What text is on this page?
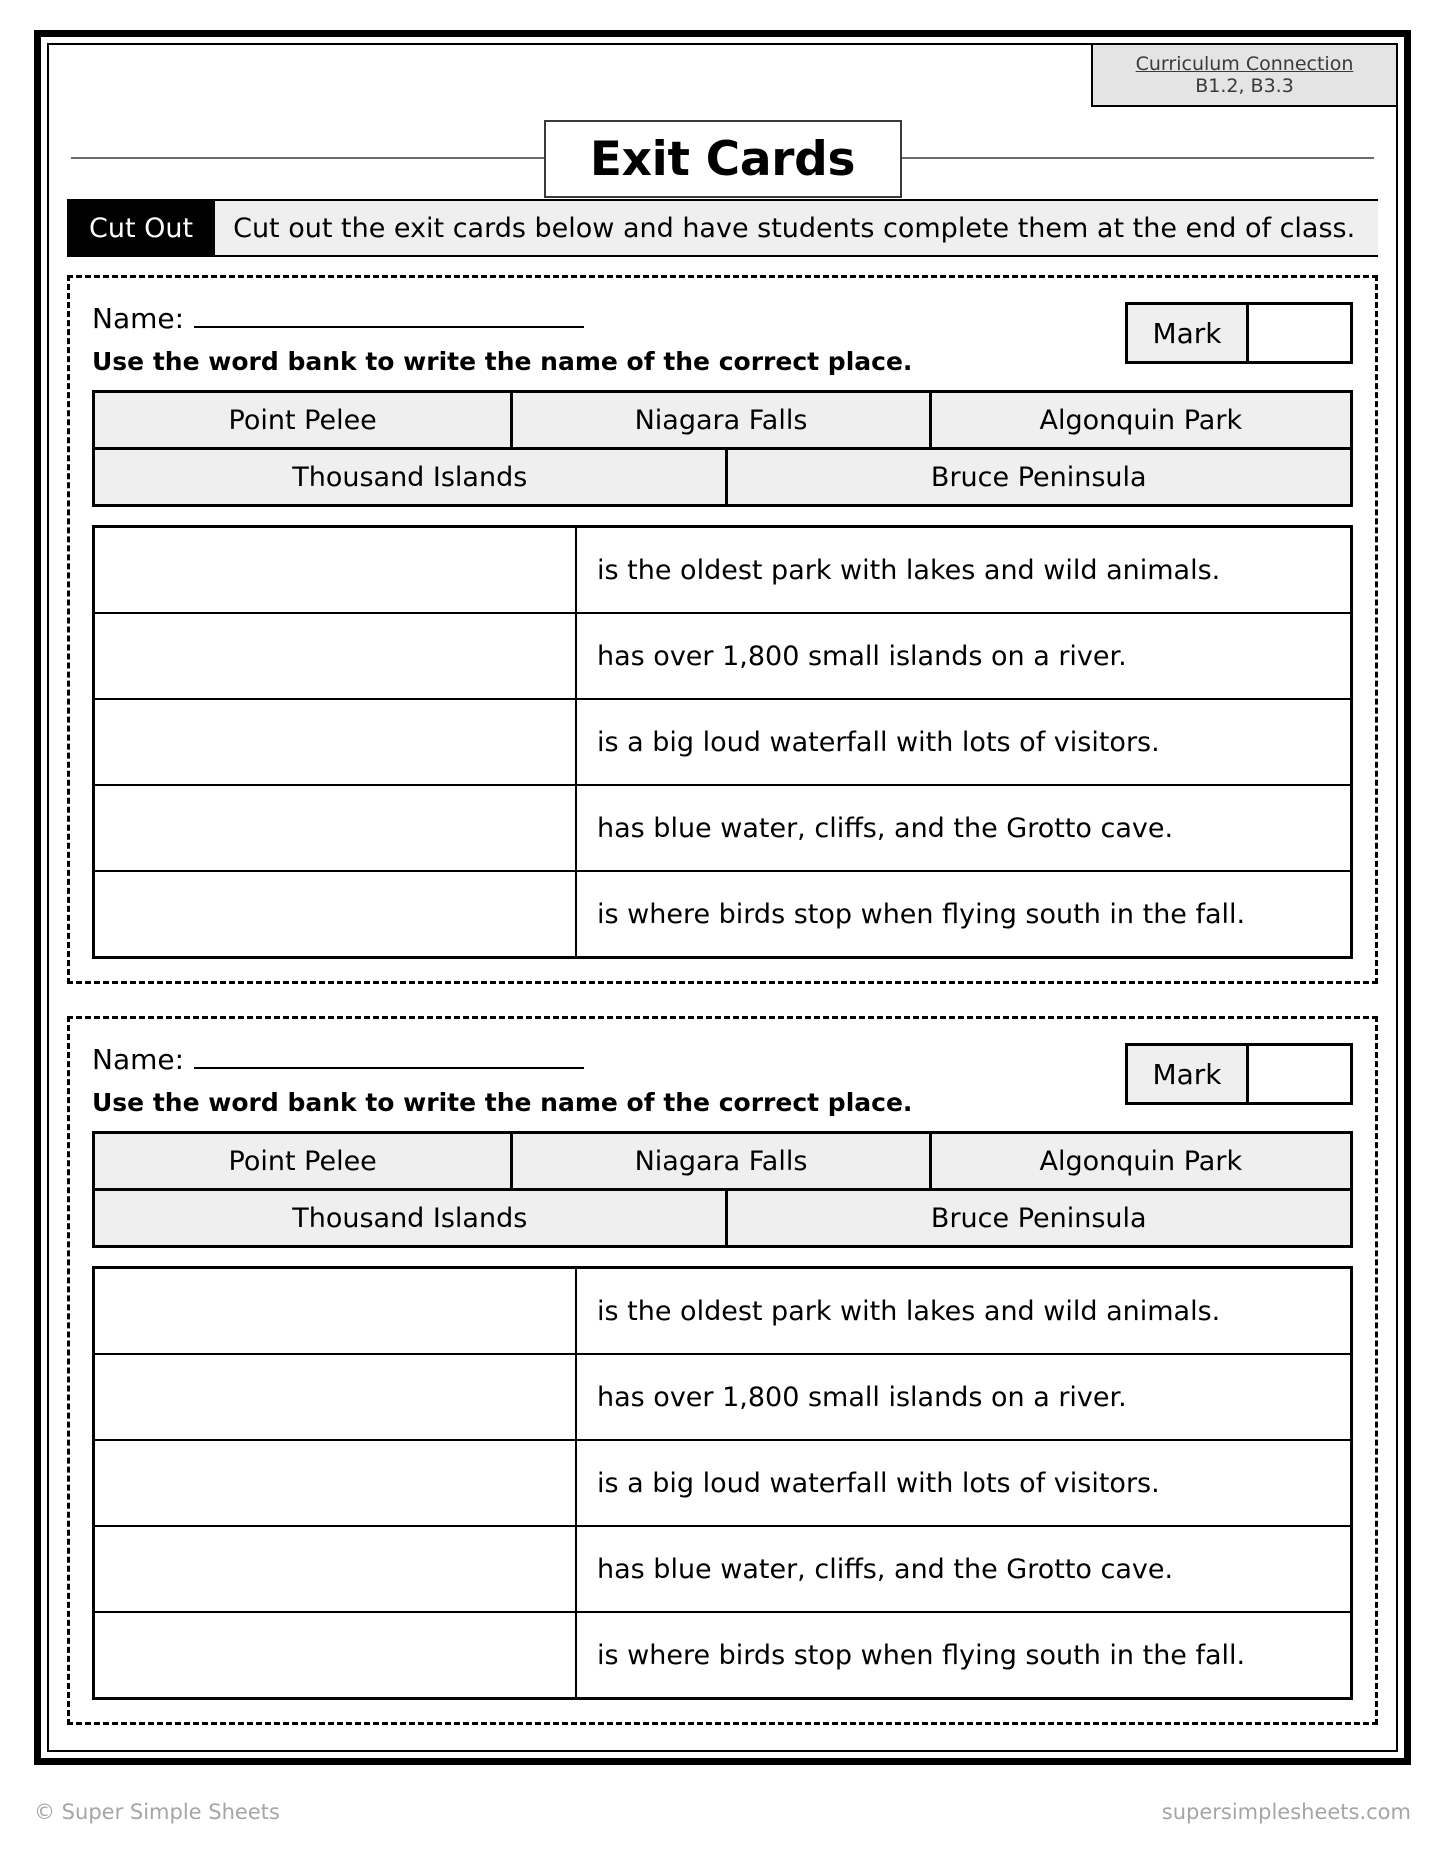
Curriculum Connection
B1.2, B3.3
Exit Cards
Cut Out	Cut out the exit cards below and have students complete them at the end of class.
Name:
Use the word bank to write the name of the correct place.
Mark
Point Pelee	Niagara Falls	Algonquin Park
Thousand Islands	Bruce Peninsula
is the oldest park with lakes and wild animals.
has over 1,800 small islands on a river.
is a big loud waterfall with lots of visitors.
has blue water, cliffs, and the Grotto cave.
is where birds stop when flying south in the fall.
Name:
Use the word bank to write the name of the correct place.
Mark
Point Pelee	Niagara Falls	Algonquin Park
Thousand Islands	Bruce Peninsula
is the oldest park with lakes and wild animals.
has over 1,800 small islands on a river.
is a big loud waterfall with lots of visitors.
has blue water, cliffs, and the Grotto cave.
is where birds stop when flying south in the fall.
© Super Simple Sheets	supersimplesheets.com
